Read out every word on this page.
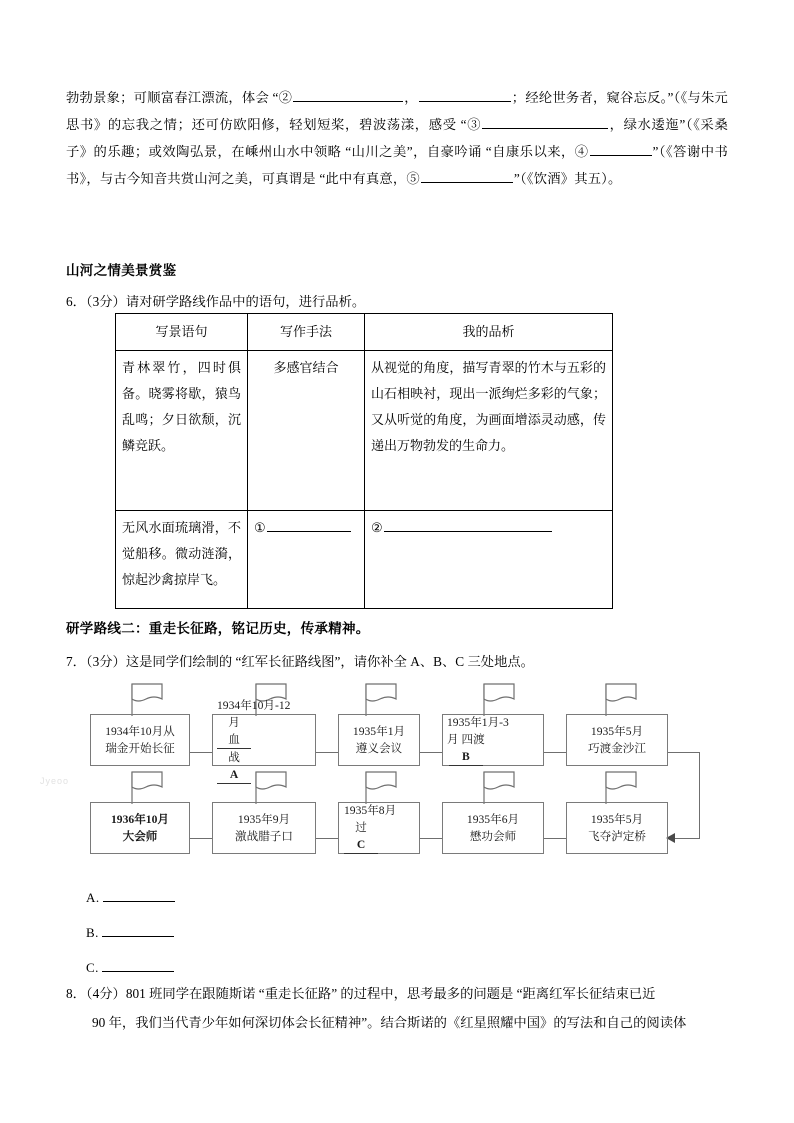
勃勃景象；可顺富春江漂流，体会 “②	，	；经纶世务者，窥谷忘反。”（《与朱元思书》的忘我之情；还可仿欧阳修，轻划短桨，碧波荡漾，感受 “③	，绿水逶迤”（《采桑子》的乐趣；或效陶弘景，在嵊州山水中领略 “山川之美”，自豪吟诵 “自康乐以来，④	”（《答谢中书书》，与古今知音共赏山河之美，可真谓是 “此中有真意，⑤	”（《饮酒》其五）。
山河之情美景赏鉴
6．（3分）请对研学路线作品中的语句，进行品析。
写景语句	写作手法	我的品析
青林翠竹，四时俱备。晓雾将歇，猿鸟乱鸣；夕日欲颓，沉鳞竞跃。	多感官结合	从视觉的角度，描写青翠的竹木与五彩的山石相映衬，现出一派绚烂多彩的气象；又从听觉的角度，为画面增添灵动感，传递出万物勃发的生命力。
无风水面琉璃滑，不觉船移。微动涟漪，惊起沙禽掠岸飞。	①	②
研学路线二：重走长征路，铭记历史，传承精神。
7．（3分）这是同学们绘制的 “红军长征路线图”，请你补全 A、B、C 三处地点。
1934年10月从
瑞金开始长征
1934年10月-12
月
血
战
A
1935年1月
遵义会议
1935年1月-3
月 四渡
B
1935年5月
巧渡金沙江
1936年10月
大会师
1935年9月
激战腊子口
1935年8月
过
C
1935年6月
懋功会师
1935年5月
飞夺泸定桥
Jyeoo
A.
B.
C.
8．（4分）801 班同学在跟随斯诺 “重走长征路” 的过程中，思考最多的问题是 “距离红军长征结束已近
90 年，我们当代青少年如何深切体会长征精神”。结合斯诺的《红星照耀中国》的写法和自己的阅读体
